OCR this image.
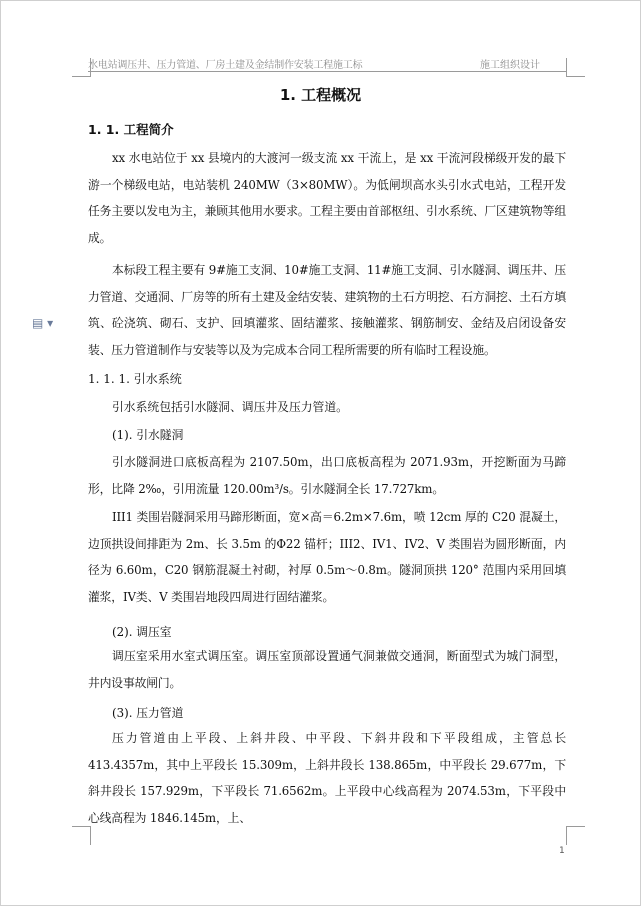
水电站调压井、压力管道、厂房土建及金结制作安装工程施工标	施工组织设计
▤ ▾
1. 工程概况
1. 1. 工程简介
xx 水电站位于 xx 县境内的大渡河一级支流 xx 干流上，是 xx 干流河段梯级开发的最下游一个梯级电站，电站装机 240MW（3×80MW）。为低闸坝高水头引水式电站，工程开发任务主要以发电为主，兼顾其他用水要求。工程主要由首部枢纽、引水系统、厂区建筑物等组成。
本标段工程主要有 9#施工支洞、10#施工支洞、11#施工支洞、引水隧洞、调压井、压力管道、交通洞、厂房等的所有土建及金结安装、建筑物的土石方明挖、石方洞挖、土石方填筑、砼浇筑、砌石、支护、回填灌浆、固结灌浆、接触灌浆、钢筋制安、金结及启闭设备安装、压力管道制作与安装等以及为完成本合同工程所需要的所有临时工程设施。
1. 1. 1. 引水系统
引水系统包括引水隧洞、调压井及压力管道。
(1). 引水隧洞
引水隧洞进口底板高程为 2107.50m，出口底板高程为 2071.93m，开挖断面为马蹄形，比降 2‰，引用流量 120.00m³/s。引水隧洞全长 17.727km。
III1 类围岩隧洞采用马蹄形断面，宽×高＝6.2m×7.6m，喷 12cm 厚的 C20 混凝土，边顶拱设间排距为 2m、长 3.5m 的Φ22 锚杆；III2、IV1、IV2、V 类围岩为圆形断面，内径为 6.60m，C20 钢筋混凝土衬砌，衬厚 0.5m～0.8m。隧洞顶拱 120° 范围内采用回填灌浆，IV类、V 类围岩地段四周进行固结灌浆。
(2). 调压室
调压室采用水室式调压室。调压室顶部设置通气洞兼做交通洞，断面型式为城门洞型，井内设事故闸门。
(3). 压力管道
压力管道由上平段、上斜井段、中平段、下斜井段和下平段组成，主管总长 413.4357m，其中上平段长 15.309m，上斜井段长 138.865m，中平段长 29.677m，下斜井段长 157.929m，下平段长 71.6562m。上平段中心线高程为 2074.53m，下平段中心线高程为 1846.145m，上、
1
